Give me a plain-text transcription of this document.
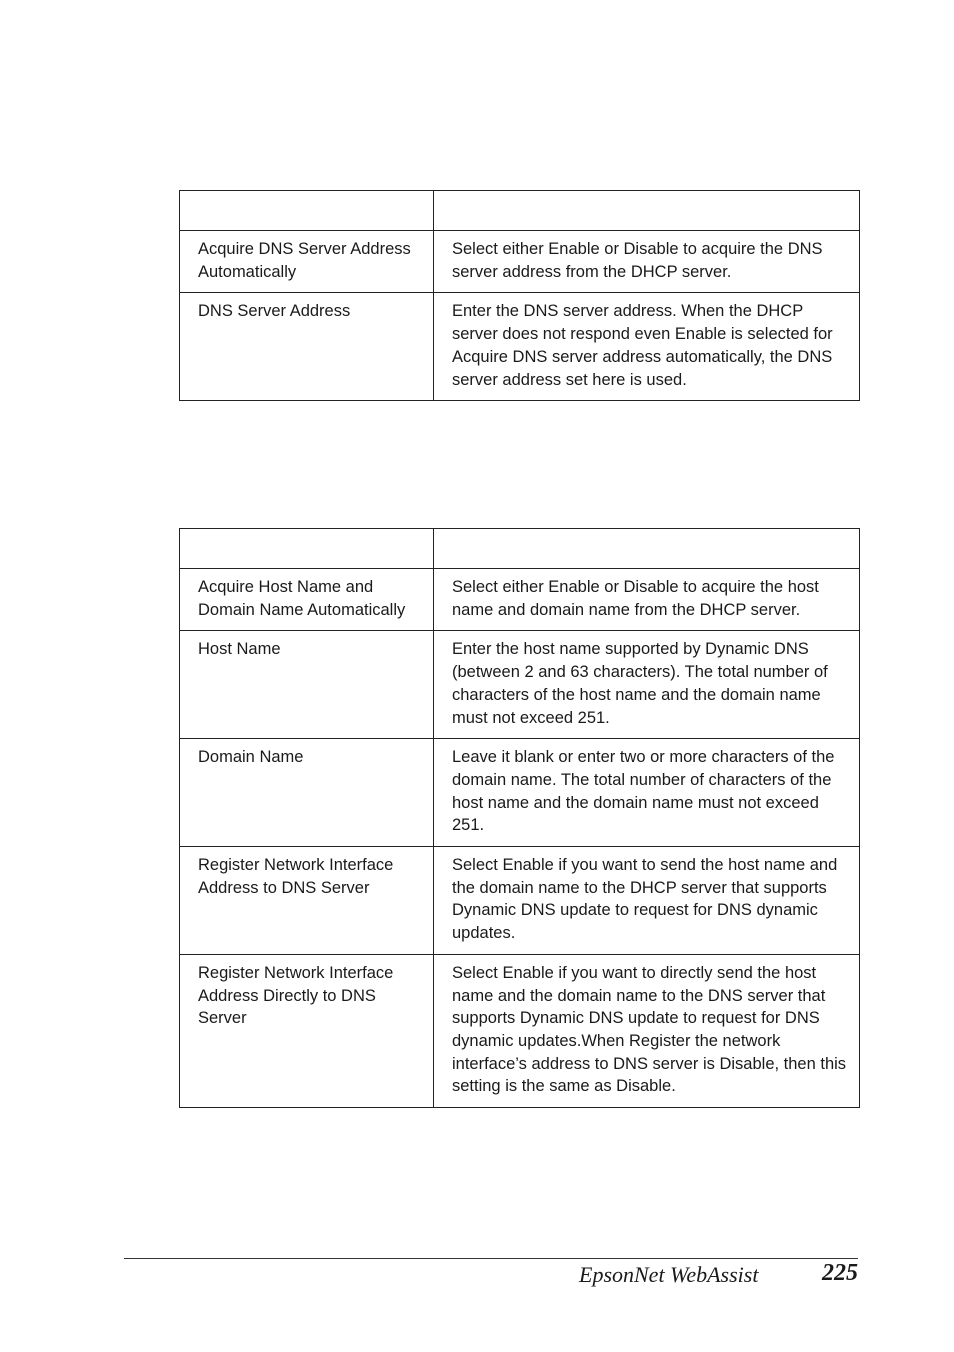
Acquire DNS Server Address Automatically	Select either Enable or Disable to acquire the DNS server address from the DHCP server.
DNS Server Address	Enter the DNS server address. When the DHCP server does not respond even Enable is selected for Acquire DNS server address automatically, the DNS server address set here is used.

Acquire Host Name and Domain Name Automatically	Select either Enable or Disable to acquire the host name and domain name from the DHCP server.
Host Name	Enter the host name supported by Dynamic DNS (between 2 and 63 characters). The total number of characters of the host name and the domain name must not exceed 251.
Domain Name	Leave it blank or enter two or more characters of the domain name. The total number of characters of the host name and the domain name must not exceed 251.
Register Network Interface Address to DNS Server	Select Enable if you want to send the host name and the domain name to the DHCP server that supports Dynamic DNS update to request for DNS dynamic updates.
Register Network Interface Address Directly to DNS Server	Select Enable if you want to directly send the host name and the domain name to the DNS server that supports Dynamic DNS update to request for DNS dynamic updates.When Register the network interface’s address to DNS server is Disable, then this setting is the same as Disable.
EpsonNet WebAssist	225
